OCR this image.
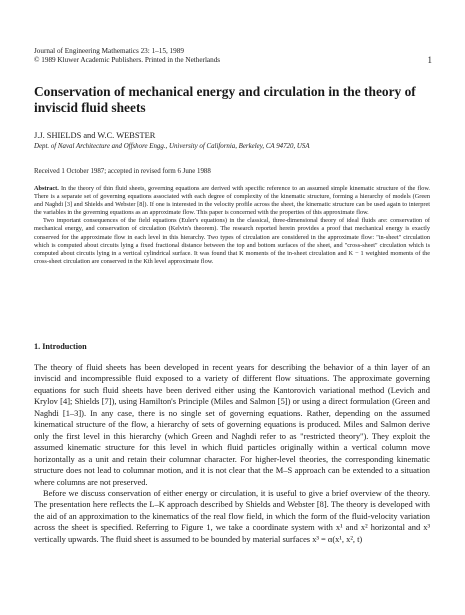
Journal of Engineering Mathematics 23: 1–15, 1989
© 1989 Kluwer Academic Publishers. Printed in the Netherlands	1
Conservation of mechanical energy and circulation in the theory of inviscid fluid sheets
J.J. SHIELDS and W.C. WEBSTER
Dept. of Naval Architecture and Offshore Engg., University of California, Berkeley, CA 94720, USA
Received 1 October 1987; accepted in revised form 6 June 1988

Abstract. In the theory of thin fluid sheets, governing equations are derived with specific reference to an assumed simple kinematic structure of the flow. There is a separate set of governing equations associated with each degree of complexity of the kinematic structure, forming a hierarchy of models (Green and Naghdi [3] and Shields and Webster [8]). If one is interested in the velocity profile across the sheet, the kinematic structure can be used again to interpret the variables in the governing equations as an approximate flow. This paper is concerned with the properties of this approximate flow.

Two important consequences of the field equations (Euler's equations) in the classical, three-dimensional theory of ideal fluids are: conservation of mechanical energy, and conservation of circulation (Kelvin's theorem). The research reported herein provides a proof that mechanical energy is exactly conserved for the approximate flow in each level in this hierarchy. Two types of circulation are considered in the approximate flow: "in-sheet" circulation which is computed about circuits lying a fixed fractional distance between the top and bottom surfaces of the sheet, and "cross-sheet" circulation which is computed about circuits lying in a vertical cylindrical surface. It was found that K moments of the in-sheet circulation and K − 1 weighted moments of the cross-sheet circulation are conserved in the Kth level approximate flow.

1. Introduction

The theory of fluid sheets has been developed in recent years for describing the behavior of a thin layer of an inviscid and incompressible fluid exposed to a variety of different flow situations. The approximate governing equations for such fluid sheets have been derived either using the Kantorovich variational method (Levich and Krylov [4]; Shields [7]), using Hamilton's Principle (Miles and Salmon [5]) or using a direct formulation (Green and Naghdi [1–3]). In any case, there is no single set of governing equations. Rather, depending on the assumed kinematical structure of the flow, a hierarchy of sets of governing equations is produced. Miles and Salmon derive only the first level in this hierarchy (which Green and Naghdi refer to as "restricted theory"). They exploit the assumed kinematic structure for this level in which fluid particles originally within a vertical column move horizontally as a unit and retain their columnar character. For higher-level theories, the corresponding kinematic structure does not lead to columnar motion, and it is not clear that the M–S approach can be extended to a situation where columns are not preserved.

Before we discuss conservation of either energy or circulation, it is useful to give a brief overview of the theory. The presentation here reflects the L–K approach described by Shields and Webster [8]. The theory is developed with the aid of an approximation to the kinematics of the real flow field, in which the form of the fluid-velocity variation across the sheet is specified. Referring to Figure 1, we take a coordinate system with x¹ and x² horizontal and x³ vertically upwards. The fluid sheet is assumed to be bounded by material surfaces x³ = α(x¹, x², t)
